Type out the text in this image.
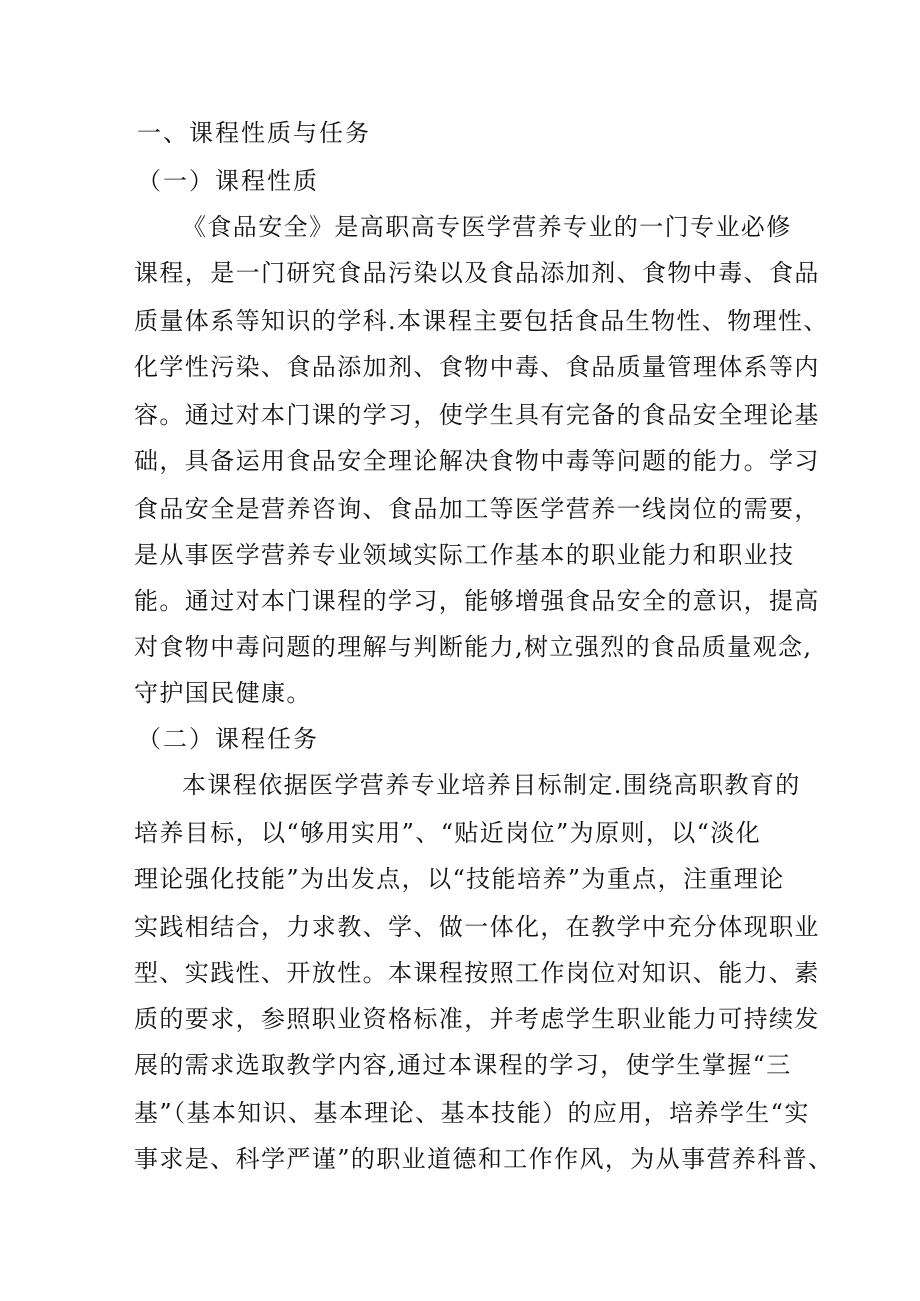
一、课程性质与任务
（一）课程性质
《食品安全》是高职高专医学营养专业的一门专业必修
课程，是一门研究食品污染以及食品添加剂、食物中毒、食品
质量体系等知识的学科.本课程主要包括食品生物性、物理性、
化学性污染、食品添加剂、食物中毒、食品质量管理体系等内
容。通过对本门课的学习，使学生具有完备的食品安全理论基
础，具备运用食品安全理论解决食物中毒等问题的能力。学习
食品安全是营养咨询、食品加工等医学营养一线岗位的需要，
是从事医学营养专业领域实际工作基本的职业能力和职业技
能。通过对本门课程的学习，能够增强食品安全的意识，提高
对食物中毒问题的理解与判断能力,树立强烈的食品质量观念,
守护国民健康。
（二）课程任务
本课程依据医学营养专业培养目标制定.围绕高职教育的
培养目标，以“够用实用”、“贴近岗位”为原则，以“淡化
理论强化技能”为出发点，以“技能培养”为重点，注重理论
实践相结合，力求教、学、做一体化，在教学中充分体现职业
型、实践性、开放性。本课程按照工作岗位对知识、能力、素
质的要求，参照职业资格标准，并考虑学生职业能力可持续发
展的需求选取教学内容,通过本课程的学习，使学生掌握“三
基”（基本知识、基本理论、基本技能）的应用，培养学生“实
事求是、科学严谨”的职业道德和工作作风，为从事营养科普、
